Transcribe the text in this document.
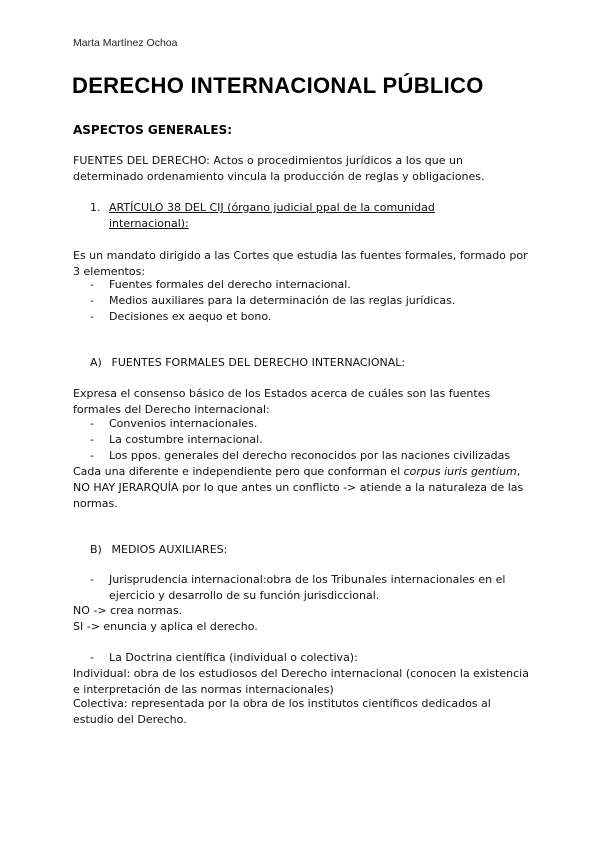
Marta Martínez Ochoa
DERECHO INTERNACIONAL PÚBLICO
ASPECTOS GENERALES:

FUENTES DEL DERECHO: Actos o procedimientos jurídicos a los que un determinado ordenamiento vincula la producción de reglas y obligaciones.

1. ARTÍCULO 38 DEL CIJ (órgano judicial ppal de la comunidad internacional):

Es un mandato dirigido a las Cortes que estudia las fuentes formales, formado por 3 elementos:

- Fuentes formales del derecho internacional.
- Medios auxiliares para la determinación de las reglas jurídicas.
- Decisiones ex aequo et bono.
A) FUENTES FORMALES DEL DERECHO INTERNACIONAL:

Expresa el consenso básico de los Estados acerca de cuáles son las fuentes formales del Derecho internacional:

- Convenios internacionales.
- La costumbre internacional.
- Los ppos. generales del derecho reconocidos por las naciones civilizadas

Cada una diferente e independiente pero que conforman el corpus iuris gentium, NO HAY JERARQUÍA por lo que antes un conflicto -> atiende a la naturaleza de las normas.

B) MEDIOS AUXILIARES:
- Jurisprudencia internacional:obra de los Tribunales internacionales en el ejercicio y desarrollo de su función jurisdiccional.

NO -> crea normas.

SI -> enuncia y aplica el derecho.

- La Doctrina científica (individual o colectiva):

Individual: obra de los estudiosos del Derecho internacional (conocen la existencia e interpretación de las normas internacionales)

Colectiva: representada por la obra de los institutos científicos dedicados al estudio del Derecho.
